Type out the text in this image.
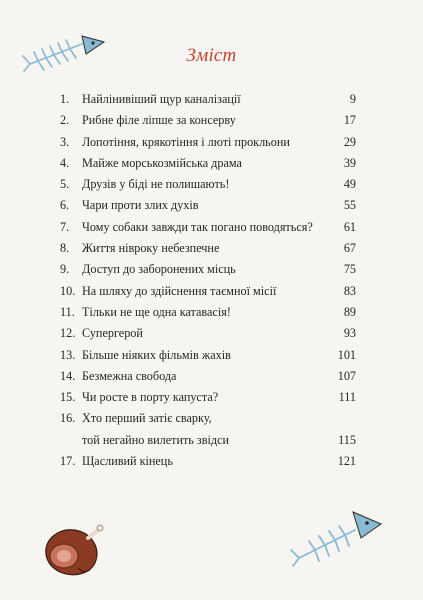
Зміст
1.	Найлінивіший щур каналізації	9
2.	Рибне філе ліпше за консерву	17
3.	Лопотіння, крякотіння і люті прокльони	29
4.	Майже морськозмійська драма	39
5.	Друзів у біді не полишають!	49
6.	Чари проти злих духів	55
7.	Чому собаки завжди так погано поводяться?	61
8.	Життя нівроку небезпечне	67
9.	Доступ до заборонених місць	75
10. На шляху до здійснення таємної місії	83
11. Тільки не ще одна катавасія!	89
12. Супергерой	93
13. Більше ніяких фільмів жахів	101
14. Безмежна свобода	107
15. Чи росте в порту капуста?	111
16. Хто перший затіє сварку,
той негайно вилетить звідси	115
17. Щасливий кінець	121
